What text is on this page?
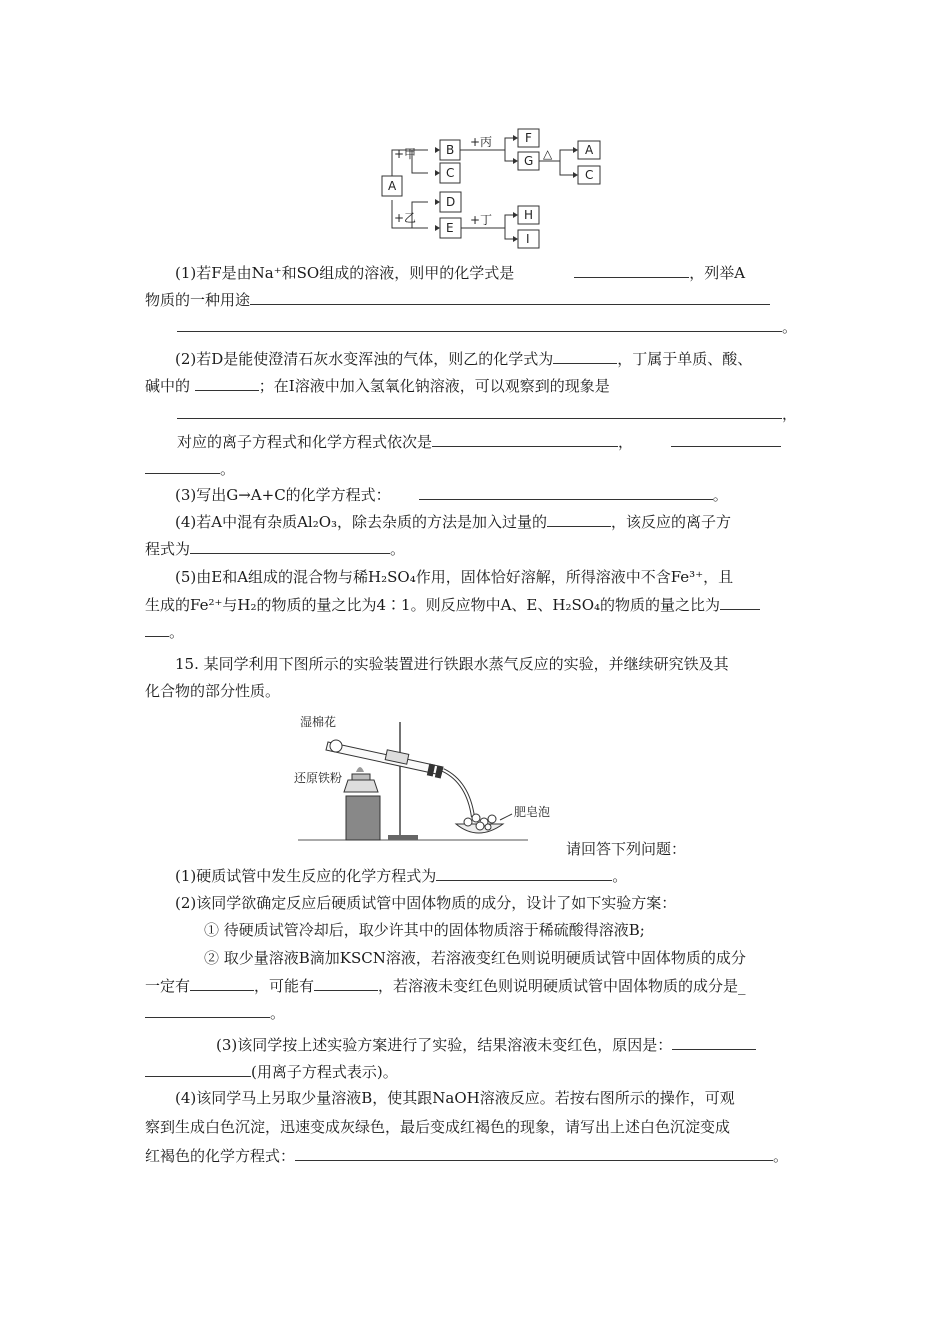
A
B
C
F
G
A
C
D
E
H
I
+甲
+丙
+乙	+丁
△
(1)若F是由Na⁺和SO组成的溶液，则甲的化学式是	，列举A
物质的一种用途
。
(2)若D是能使澄清石灰水变浑浊的气体，则乙的化学式为	，丁属于单质、酸、
碱中的	；在I溶液中加入氢氧化钠溶液，可以观察到的现象是
，
对应的离子方程式和化学方程式依次是	，
。
(3)写出G→A+C的化学方程式：	。
(4)若A中混有杂质Al₂O₃，除去杂质的方法是加入过量的	，该反应的离子方
程式为	。
(5)由E和A组成的混合物与稀H₂SO₄作用，固体恰好溶解，所得溶液中不含Fe³⁺，且
生成的Fe²⁺与H₂的物质的量之比为4∶1。则反应物中A、E、H₂SO₄的物质的量之比为
。
15. 某同学利用下图所示的实验装置进行铁跟水蒸气反应的实验，并继续研究铁及其
化合物的部分性质。
湿棉花
还原铁粉
肥皂泡
请回答下列问题：
(1)硬质试管中发生反应的化学方程式为	。
(2)该同学欲确定反应后硬质试管中固体物质的成分，设计了如下实验方案：
① 待硬质试管冷却后，取少许其中的固体物质溶于稀硫酸得溶液B;
② 取少量溶液B滴加KSCN溶液，若溶液变红色则说明硬质试管中固体物质的成分
一定有	，可能有	，若溶液未变红色则说明硬质试管中固体物质的成分是_
。
(3)该同学按上述实验方案进行了实验，结果溶液未变红色，原因是：
(用离子方程式表示)。
(4)该同学马上另取少量溶液B，使其跟NaOH溶液反应。若按右图所示的操作，可观
察到生成白色沉淀，迅速变成灰绿色，最后变成红褐色的现象，请写出上述白色沉淀变成
红褐色的化学方程式：	。
